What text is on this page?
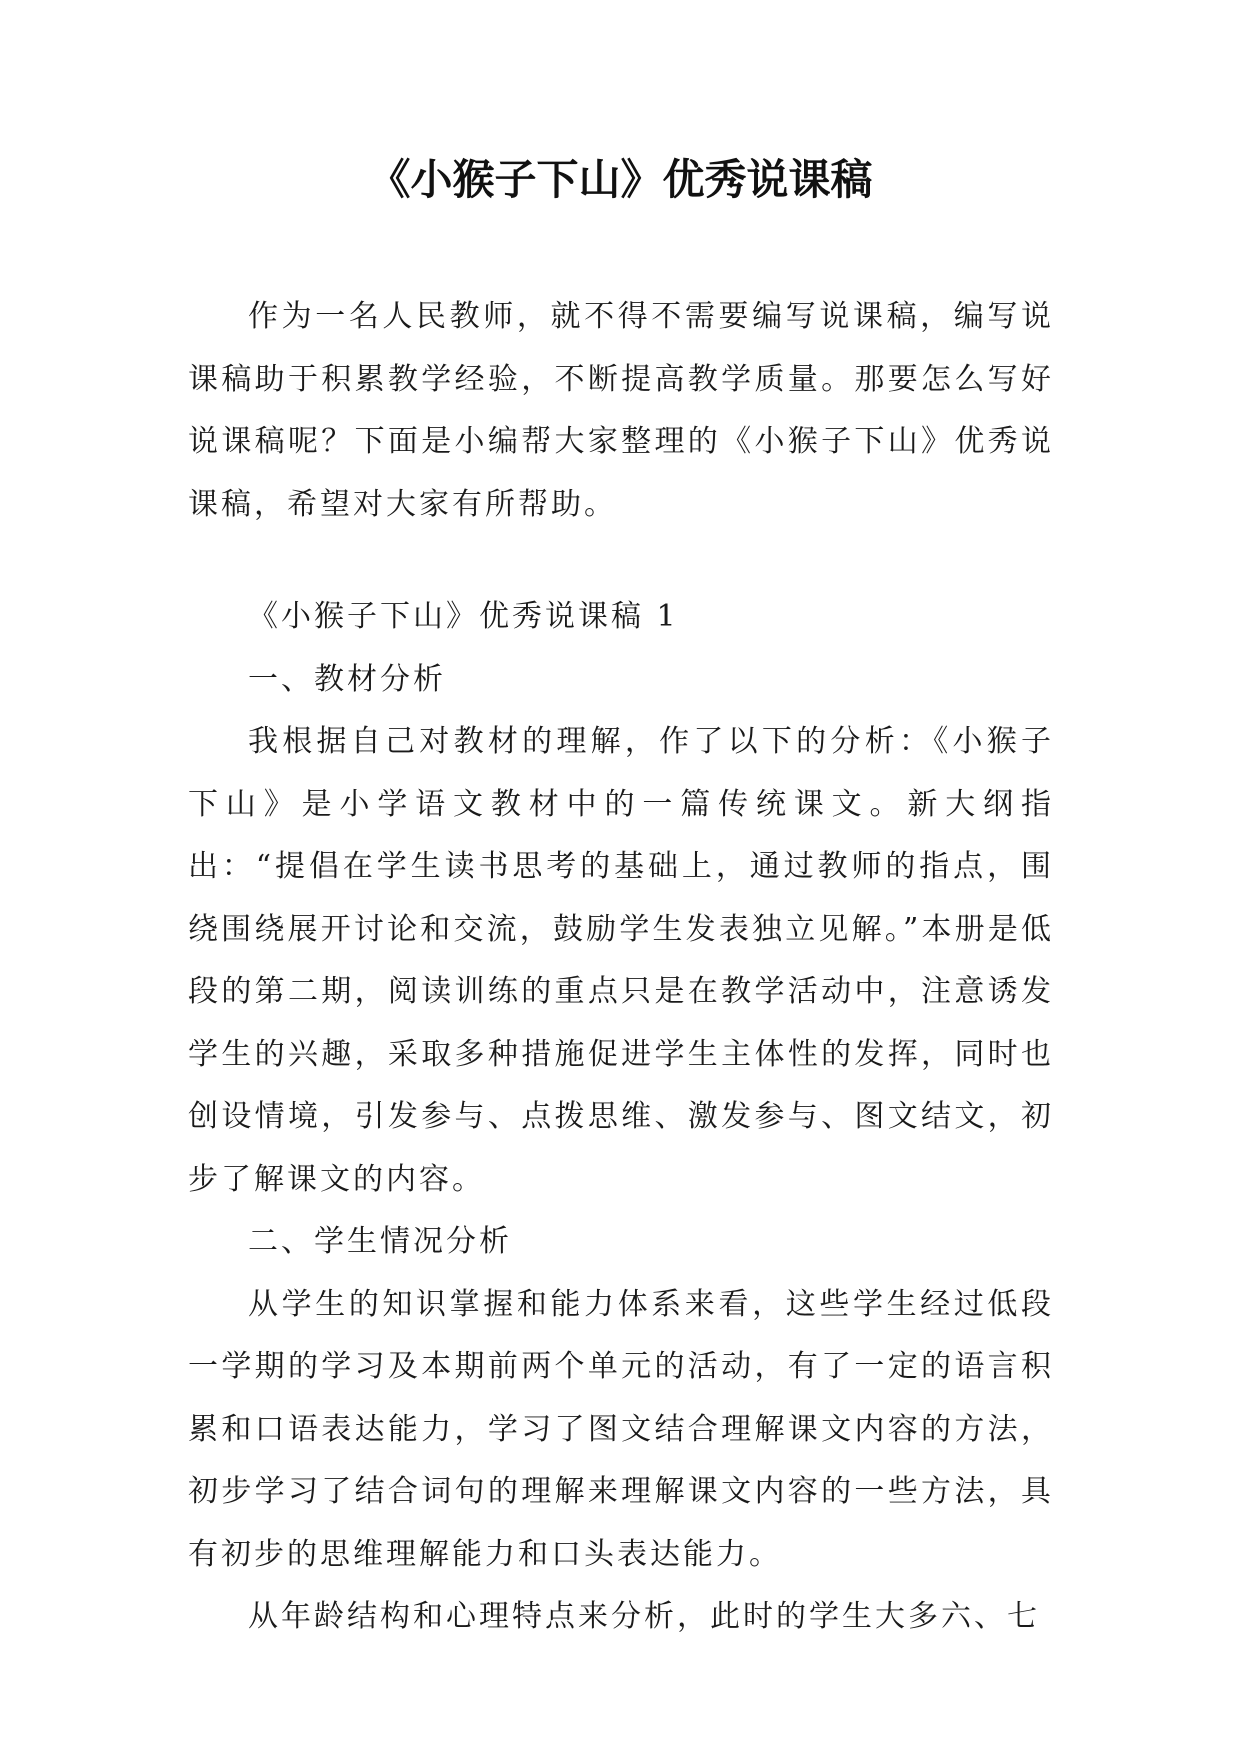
《小猴子下山》优秀说课稿

作为一名人民教师，就不得不需要编写说课稿，编写说课稿助于积累教学经验，不断提高教学质量。那要怎么写好说课稿呢？下面是小编帮大家整理的《小猴子下山》优秀说课稿，希望对大家有所帮助。

《小猴子下山》优秀说课稿 1

一、教材分析

我根据自己对教材的理解，作了以下的分析：《小猴子下山》是小学语文教材中的一篇传统课文。新大纲指出：“提倡在学生读书思考的基础上，通过教师的指点，围绕围绕展开讨论和交流，鼓励学生发表独立见解。”本册是低段的第二期，阅读训练的重点只是在教学活动中，注意诱发学生的兴趣，采取多种措施促进学生主体性的发挥，同时也创设情境，引发参与、点拨思维、激发参与、图文结文，初步了解课文的内容。

二、学生情况分析

从学生的知识掌握和能力体系来看，这些学生经过低段一学期的学习及本期前两个单元的活动，有了一定的语言积累和口语表达能力，学习了图文结合理解课文内容的方法，初步学习了结合词句的理解来理解课文内容的一些方法，具有初步的思维理解能力和口头表达能力。

从年龄结构和心理特点来分析，此时的学生大多六、七
